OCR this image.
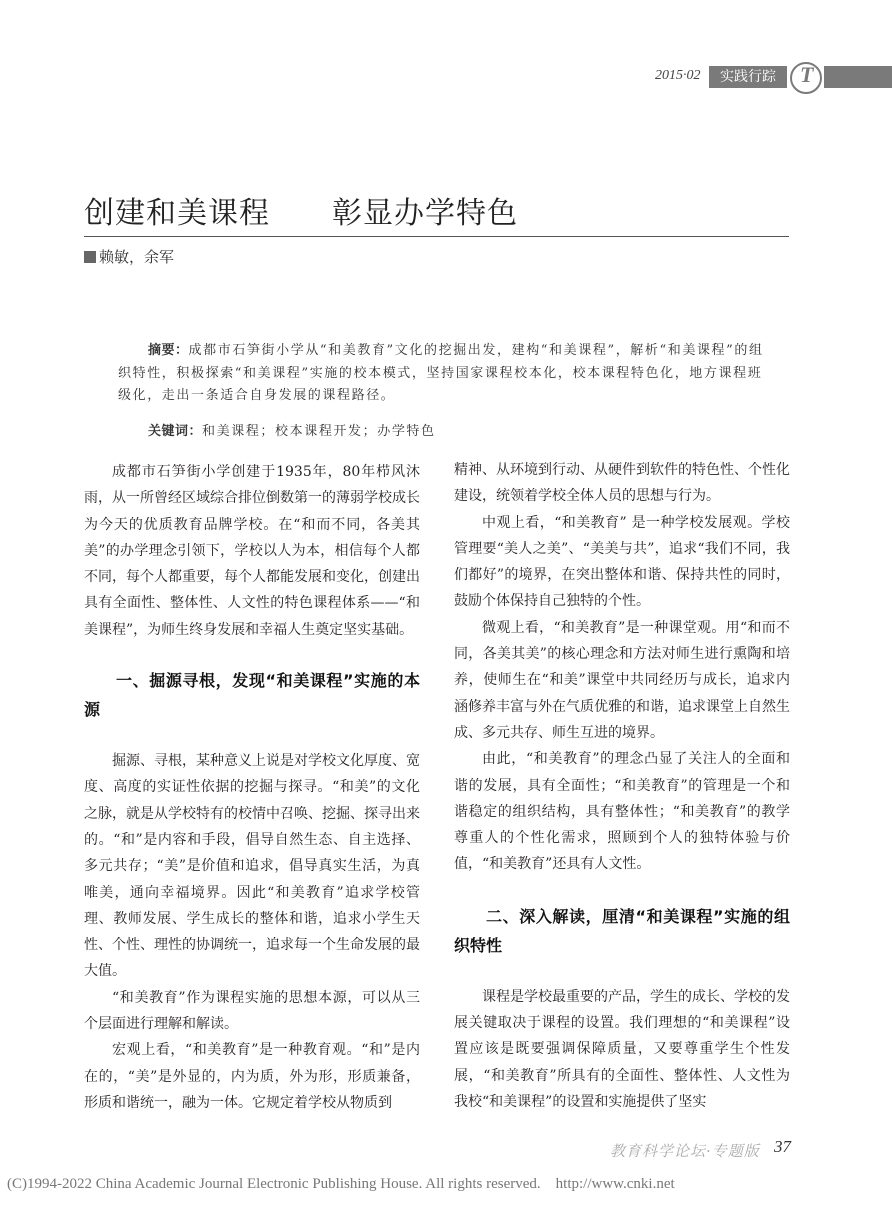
2015·02	实践行踪	T
创建和美课程　　彰显办学特色
赖敏，余军
摘要：成都市石笋街小学从“和美教育”文化的挖掘出发，建构“和美课程”，解析“和美课程”的组织特性，积极探索“和美课程”实施的校本模式，坚持国家课程校本化，校本课程特色化，地方课程班级化，走出一条适合自身发展的课程路径。
关键词：和美课程；校本课程开发；办学特色

成都市石笋街小学创建于1935年，80年栉风沐雨，从一所曾经区域综合排位倒数第一的薄弱学校成长为今天的优质教育品牌学校。在“和而不同，各美其美”的办学理念引领下，学校以人为本，相信每个人都不同，每个人都重要，每个人都能发展和变化，创建出具有全面性、整体性、人文性的特色课程体系——“和美课程”，为师生终身发展和幸福人生奠定坚实基础。

一、掘源寻根，发现“和美课程”实施的本源

掘源、寻根，某种意义上说是对学校文化厚度、宽度、高度的实证性依据的挖掘与探寻。“和美”的文化之脉，就是从学校特有的校情中召唤、挖掘、探寻出来的。“和”是内容和手段，倡导自然生态、自主选择、多元共存；“美”是价值和追求，倡导真实生活，为真唯美，通向幸福境界。因此“和美教育”追求学校管理、教师发展、学生成长的整体和谐，追求小学生天性、个性、理性的协调统一，追求每一个生命发展的最大值。

“和美教育”作为课程实施的思想本源，可以从三个层面进行理解和解读。

宏观上看，“和美教育”是一种教育观。“和”是内在的，“美”是外显的，内为质，外为形，形质兼备，形质和谐统一，融为一体。它规定着学校从物质到

精神、从环境到行动、从硬件到软件的特色性、个性化建设，统领着学校全体人员的思想与行为。

中观上看，“和美教育” 是一种学校发展观。学校管理要“美人之美”、“美美与共”，追求“我们不同，我们都好”的境界，在突出整体和谐、保持共性的同时，鼓励个体保持自己独特的个性。

微观上看，“和美教育”是一种课堂观。用“和而不同，各美其美”的核心理念和方法对师生进行熏陶和培养，使师生在“和美”课堂中共同经历与成长，追求内涵修养丰富与外在气质优雅的和谐，追求课堂上自然生成、多元共存、师生互进的境界。

由此，“和美教育”的理念凸显了关注人的全面和谐的发展，具有全面性；“和美教育”的管理是一个和谐稳定的组织结构，具有整体性；“和美教育”的教学尊重人的个性化需求，照顾到个人的独特体验与价值，“和美教育”还具有人文性。

二、深入解读，厘清“和美课程”实施的组织特性

课程是学校最重要的产品，学生的成长、学校的发展关键取决于课程的设置。我们理想的“和美课程”设置应该是既要强调保障质量，又要尊重学生个性发展，“和美教育”所具有的全面性、整体性、人文性为我校“和美课程”的设置和实施提供了坚实

教育科学论坛·专题版 37
(C)1994-2022 China Academic Journal Electronic Publishing House. All rights reserved.    http://www.cnki.net
